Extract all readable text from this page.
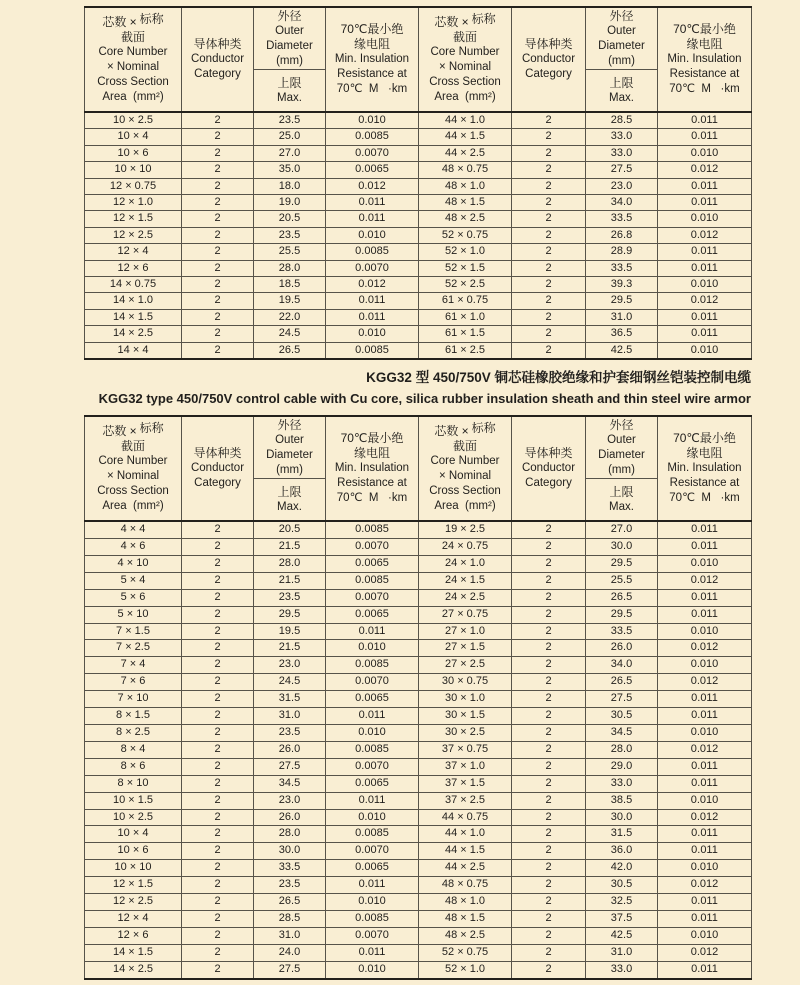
芯数 × 标称
截面
Core Number
× Nominal
Cross Section
Area  (mm²)

导体种类
Conductor
Category

外径
Outer
Diameter
(mm)

70℃最小绝
缘电阻
Min. Insulation
Resistance at
70℃  M   ·km

芯数 × 标称
截面
Core Number
× Nominal
Cross Section
Area  (mm²)

导体种类
Conductor
Category

外径
Outer
Diameter
(mm)

70℃最小绝
缘电阻
Min. Insulation
Resistance at
70℃  M   ·km

上限
Max.

上限
Max.

10 × 2.5	2	23.5	0.010	44 × 1.0	2	28.5	0.011
10 × 4	2	25.0	0.0085	44 × 1.5	2	33.0	0.011
10 × 6	2	27.0	0.0070	44 × 2.5	2	33.0	0.010
10 × 10	2	35.0	0.0065	48 × 0.75	2	27.5	0.012
12 × 0.75	2	18.0	0.012	48 × 1.0	2	23.0	0.011
12 × 1.0	2	19.0	0.011	48 × 1.5	2	34.0	0.011
12 × 1.5	2	20.5	0.011	48 × 2.5	2	33.5	0.010
12 × 2.5	2	23.5	0.010	52 × 0.75	2	26.8	0.012
12 × 4	2	25.5	0.0085	52 × 1.0	2	28.9	0.011
12 × 6	2	28.0	0.0070	52 × 1.5	2	33.5	0.011
14 × 0.75	2	18.5	0.012	52 × 2.5	2	39.3	0.010
14 × 1.0	2	19.5	0.011	61 × 0.75	2	29.5	0.012
14 × 1.5	2	22.0	0.011	61 × 1.0	2	31.0	0.011
14 × 2.5	2	24.5	0.010	61 × 1.5	2	36.5	0.011
14 × 4	2	26.5	0.0085	61 × 2.5	2	42.5	0.010
KGG32 型 450/750V 铜芯硅橡胶绝缘和护套细钢丝铠装控制电缆
KGG32 type 450/750V control cable with Cu core, silica rubber insulation sheath and thin steel wire armor
芯数 × 标称
截面
Core Number
× Nominal
Cross Section
Area  (mm²)

导体种类
Conductor
Category

外径
Outer
Diameter
(mm)

70℃最小绝
缘电阻
Min. Insulation
Resistance at
70℃  M   ·km

芯数 × 标称
截面
Core Number
× Nominal
Cross Section
Area  (mm²)

导体种类
Conductor
Category

外径
Outer
Diameter
(mm)

70℃最小绝
缘电阻
Min. Insulation
Resistance at
70℃  M   ·km

上限
Max.

上限
Max.

4 × 4	2	20.5	0.0085	19 × 2.5	2	27.0	0.011
4 × 6	2	21.5	0.0070	24 × 0.75	2	30.0	0.011
4 × 10	2	28.0	0.0065	24 × 1.0	2	29.5	0.010
5 × 4	2	21.5	0.0085	24 × 1.5	2	25.5	0.012
5 × 6	2	23.5	0.0070	24 × 2.5	2	26.5	0.011
5 × 10	2	29.5	0.0065	27 × 0.75	2	29.5	0.011
7 × 1.5	2	19.5	0.011	27 × 1.0	2	33.5	0.010
7 × 2.5	2	21.5	0.010	27 × 1.5	2	26.0	0.012
7 × 4	2	23.0	0.0085	27 × 2.5	2	34.0	0.010
7 × 6	2	24.5	0.0070	30 × 0.75	2	26.5	0.012
7 × 10	2	31.5	0.0065	30 × 1.0	2	27.5	0.011
8 × 1.5	2	31.0	0.011	30 × 1.5	2	30.5	0.011
8 × 2.5	2	23.5	0.010	30 × 2.5	2	34.5	0.010
8 × 4	2	26.0	0.0085	37 × 0.75	2	28.0	0.012
8 × 6	2	27.5	0.0070	37 × 1.0	2	29.0	0.011
8 × 10	2	34.5	0.0065	37 × 1.5	2	33.0	0.011
10 × 1.5	2	23.0	0.011	37 × 2.5	2	38.5	0.010
10 × 2.5	2	26.0	0.010	44 × 0.75	2	30.0	0.012
10 × 4	2	28.0	0.0085	44 × 1.0	2	31.5	0.011
10 × 6	2	30.0	0.0070	44 × 1.5	2	36.0	0.011
10 × 10	2	33.5	0.0065	44 × 2.5	2	42.0	0.010
12 × 1.5	2	23.5	0.011	48 × 0.75	2	30.5	0.012
12 × 2.5	2	26.5	0.010	48 × 1.0	2	32.5	0.011
12 × 4	2	28.5	0.0085	48 × 1.5	2	37.5	0.011
12 × 6	2	31.0	0.0070	48 × 2.5	2	42.5	0.010
14 × 1.5	2	24.0	0.011	52 × 0.75	2	31.0	0.012
14 × 2.5	2	27.5	0.010	52 × 1.0	2	33.0	0.011
